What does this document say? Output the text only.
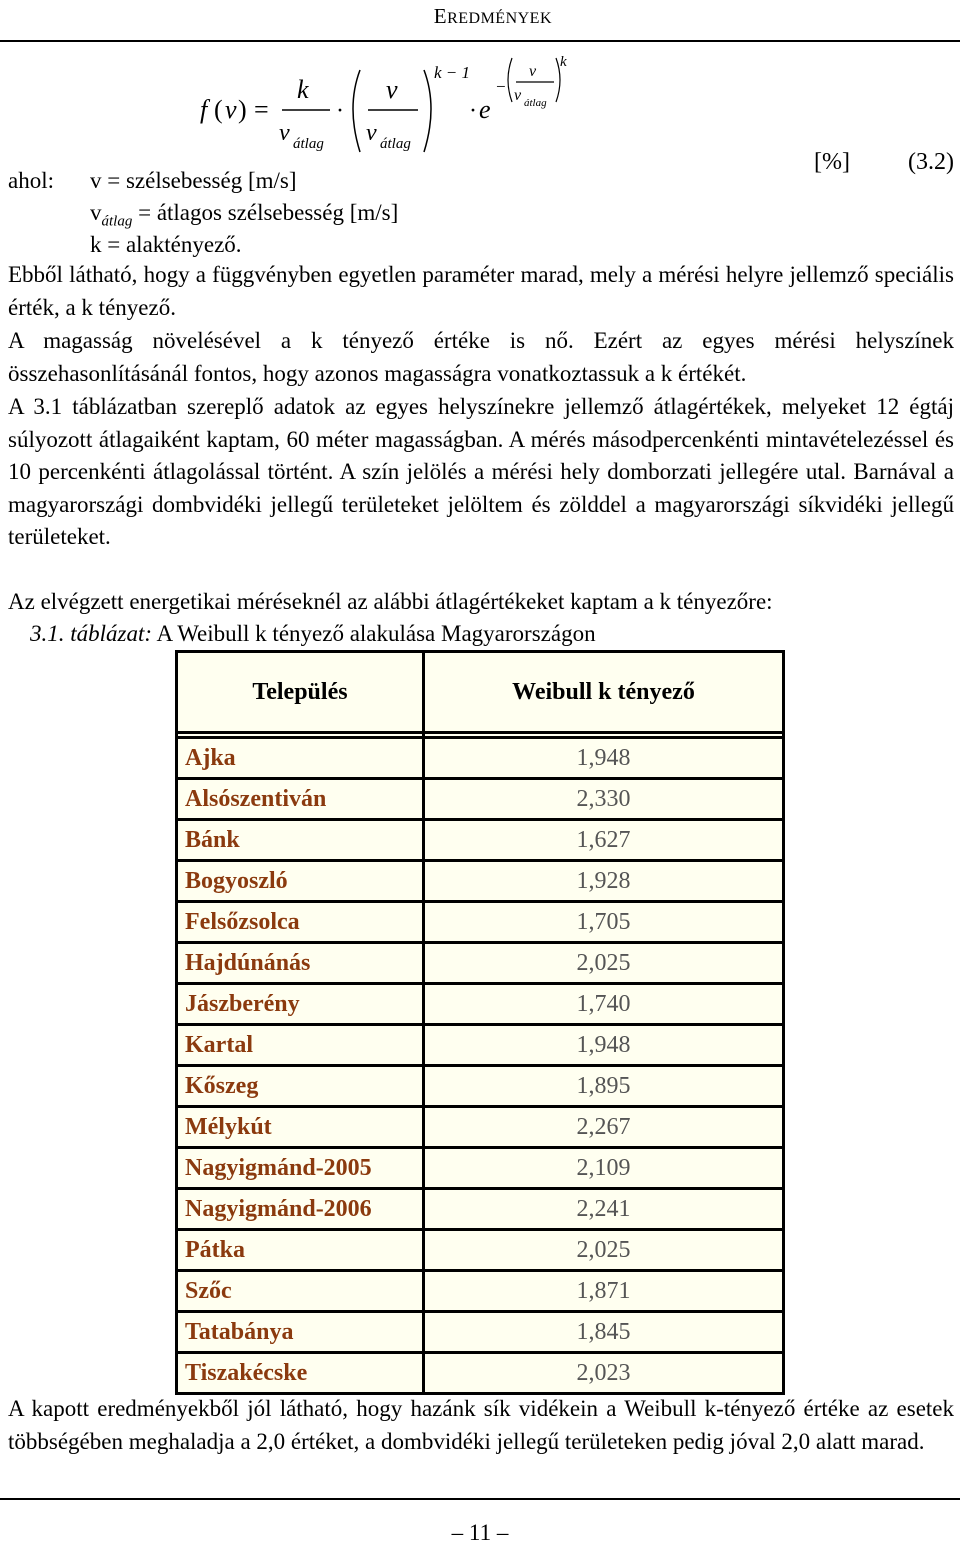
EREDMÉNYEK
f ( v ) =
k
v átlag
·
v
v átlag
k − 1
· e
−
v
v átlag
k
[%] (3.2)
ahol: v = szélsebesség [m/s]
$v_{átlag}$ = átlagos szélsebesség [m/s]
k = alaktényező.

Ebből látható, hogy a függvényben egyetlen paraméter marad, mely a mérési helyre jellemző speciális érték, a k tényező.

A magasság növelésével a k tényező értéke is nő. Ezért az egyes mérési helyszínek összehasonlításánál fontos, hogy azonos magasságra vonatkoztassuk a k értékét.

A 3.1 táblázatban szereplő adatok az egyes helyszínekre jellemző átlagértékek, melyeket 12 égtáj súlyozott átlagaiként kaptam, 60 méter magasságban. A mérés másodpercenkénti mintavételezéssel és 10 percenkénti átlagolással történt. A szín jelölés a mérési hely domborzati jellegére utal. Barnával a magyarországi dombvidéki jellegű területeket jelöltem és zölddel a magyarországi síkvidéki jellegű területeket.

Az elvégzett energetikai méréseknél az alábbi átlagértékeket kaptam a k tényezőre:

3.1. táblázat: A Weibull k tényező alakulása Magyarországon
Település	Weibull k tényező

Ajka	1,948
Alsószentiván	2,330
Bánk	1,627
Bogyoszló	1,928
Felsőzsolca	1,705
Hajdúnánás	2,025
Jászberény	1,740
Kartal	1,948
Kőszeg	1,895
Mélykút	2,267
Nagyigmánd-2005	2,109
Nagyigmánd-2006	2,241
Pátka	2,025
Szőc	1,871
Tatabánya	1,845
Tiszakécske	2,023

A kapott eredményekből jól látható, hogy hazánk sík vidékein a Weibull k-tényező értéke az esetek többségében meghaladja a 2,0 értéket, a dombvidéki jellegű területeken pedig jóval 2,0 alatt marad.

– 11 –
